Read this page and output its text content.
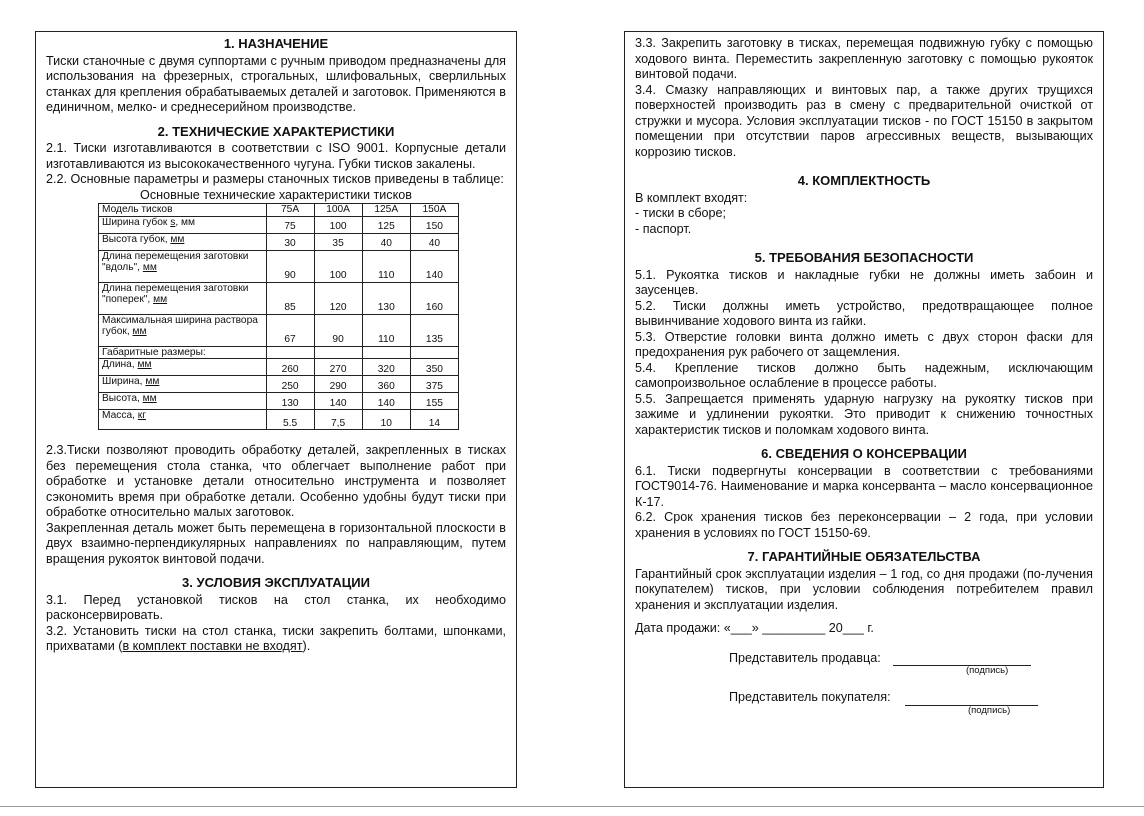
1. НАЗНАЧЕНИЕ

Тиски станочные с двумя суппортами с ручным приводом предназначены для использования на фрезерных, строгальных, шлифовальных, сверлильных станках для крепления обрабатываемых деталей и заготовок. Применяются в единичном, мелко- и среднесерийном производстве.

2. ТЕХНИЧЕСКИЕ ХАРАКТЕРИСТИКИ

2.1. Тиски изготавливаются в соответствии с ISO 9001. Корпусные детали изготавливаются из высококачественного чугуна. Губки тисков закалены.

2.2. Основные параметры и размеры станочных тисков приведены в таблице:

Основные технические характеристики тисков

Модель тисков	75А	100А	125А	150А
Ширина губок s, мм	75	100	125	150
Высота губок, мм	30	35	40	40
Длина перемещения заготовки "вдоль", мм	90	100	110	140
Длина перемещения заготовки "поперек", мм	85	120	130	160
Максимальная ширина раствора губок, мм	67	90	110	135
Габаритные размеры:				
Длина, мм	260	270	320	350
Ширина, мм	250	290	360	375
Высота, мм	130	140	140	155
Масса, кг	5.5	7,5	10	14

2.3.Тиски позволяют проводить обработку деталей, закрепленных в тисках без перемещения стола станка, что облегчает выполнение работ при обработке и установке детали относительно инструмента и позволяет сэкономить время при обработке детали. Особенно удобны будут тиски при обработке относительно малых заготовок.

Закрепленная деталь может быть перемещена в горизонтальной плоскости в двух взаимно-перпендикулярных направлениях по направляющим, путем вращения рукояток винтовой подачи.

3. УСЛОВИЯ ЭКСПЛУАТАЦИИ

3.1. Перед установкой тисков на стол станка, их необходимо расконсервировать.

3.2. Установить тиски на стол станка, тиски закрепить болтами, шпонками, прихватами (в комплект поставки не входят).

3.3. Закрепить заготовку в тисках, перемещая подвижную губку с помощью ходового винта. Переместить закрепленную заготовку с помощью рукояток винтовой подачи.

3.4. Смазку направляющих и винтовых пар, а также других трущихся поверхностей производить раз в смену с предварительной очисткой от стружки и мусора. Условия эксплуатации тисков - по ГОСТ 15150 в закрытом помещении при отсутствии паров агрессивных веществ, вызывающих коррозию тисков.

4. КОМПЛЕКТНОСТЬ

В комплект входят:

- тиски в сборе;

- паспорт.

5. ТРЕБОВАНИЯ БЕЗОПАСНОСТИ

5.1. Рукоятка тисков и накладные губки не должны иметь забоин и заусенцев.

5.2. Тиски должны иметь устройство, предотвращающее полное вывинчивание ходового винта из гайки.

5.3. Отверстие головки винта должно иметь с двух сторон фаски для предохранения рук рабочего от защемления.

5.4. Крепление тисков должно быть надежным, исключающим самопроизвольное ослабление в процессе работы.

5.5. Запрещается применять ударную нагрузку на рукоятку тисков при зажиме и удлинении рукоятки. Это приводит к снижению точностных характеристик тисков и поломкам ходового винта.

6. СВЕДЕНИЯ О КОНСЕРВАЦИИ

6.1. Тиски подвергнуты консервации в соответствии с требованиями ГОСТ9014-76. Наименование и марка консерванта – масло консервационное К-17.

6.2. Срок хранения тисков без переконсервации – 2 года, при условии хранения в условиях по ГОСТ 15150-69.

7. ГАРАНТИЙНЫЕ ОБЯЗАТЕЛЬСТВА

Гарантийный срок эксплуатации изделия – 1 год, со дня продажи (по-лучения покупателем) тисков, при условии соблюдения потребителем правил хранения и эксплуатации изделия.

Дата продажи: «___» _________ 20___ г.

Представитель продавца:
(подпись)
Представитель покупателя:
(подпись)
